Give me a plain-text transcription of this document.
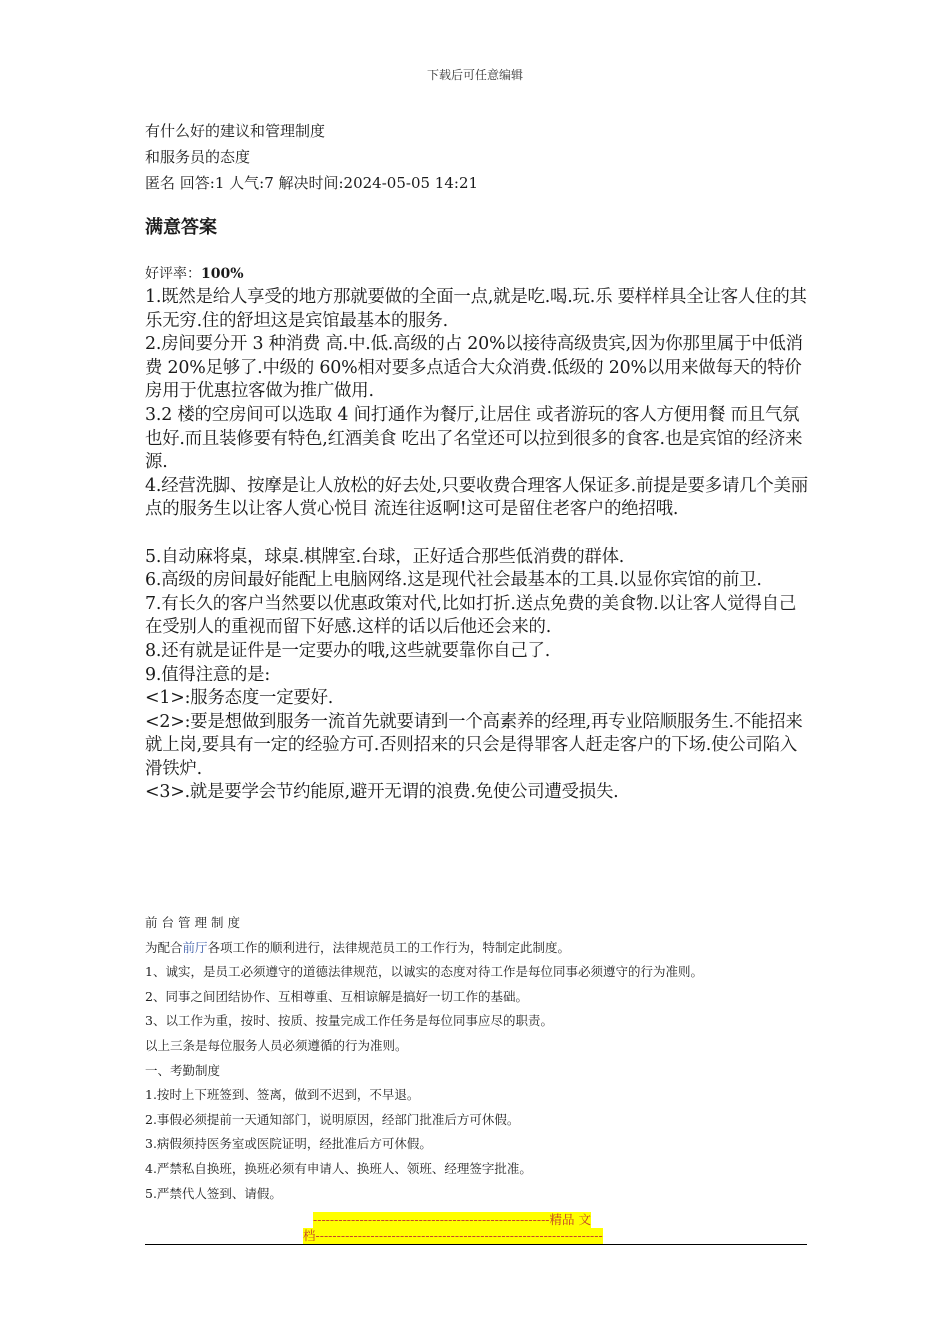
下载后可任意编辑
有什么好的建议和管理制度
和服务员的态度
匿名 回答:1 人气:7 解决时间:2024-05-05 14:21
满意答案
好评率：100%

1.既然是给人享受的地方那就要做的全面一点,就是吃.喝.玩.乐 要样样具全让客人住的其乐无穷.住的舒坦这是宾馆最基本的服务.

2.房间要分开 3 种消费 高.中.低.高级的占 20%以接待高级贵宾,因为你那里属于中低消费 20%足够了.中级的 60%相对要多点适合大众消费.低级的 20%以用来做每天的特价房用于优惠拉客做为推广做用.

3.2 楼的空房间可以选取 4 间打通作为餐厅,让居住 或者游玩的客人方便用餐 而且气氛也好.而且装修要有特色,红酒美食 吃出了名堂还可以拉到很多的食客.也是宾馆的经济来源.

4.经营洗脚、按摩是让人放松的好去处,只要收费合理客人保证多.前提是要多请几个美丽点的服务生以让客人赏心悦目 流连往返啊!这可是留住老客户的绝招哦.

5.自动麻将桌，球桌.棋牌室.台球，正好适合那些低消费的群体.

6.高级的房间最好能配上电脑网络.这是现代社会最基本的工具.以显你宾馆的前卫.

7.有长久的客户当然要以优惠政策对代,比如打折.送点免费的美食物.以让客人觉得自己在受别人的重视而留下好感.这样的话以后他还会来的.

8.还有就是证件是一定要办的哦,这些就要靠你自己了.

9.值得注意的是:

<1>:服务态度一定要好.

<2>:要是想做到服务一流首先就要请到一个高素养的经理,再专业陪顺服务生.不能招来就上岗,要具有一定的经验方可.否则招来的只会是得罪客人赶走客户的下场.使公司陷入滑铁炉.

<3>.就是要学会节约能原,避开无谓的浪费.免使公司遭受损失.

前台管理制度

为配合前厅各项工作的顺利进行，法律规范员工的工作行为，特制定此制度。

1、诚实，是员工必须遵守的道德法律规范，以诚实的态度对待工作是每位同事必须遵守的行为准则。

2、同事之间团结协作、互相尊重、互相谅解是搞好一切工作的基础。

3、以工作为重，按时、按质、按量完成工作任务是每位同事应尽的职责。

以上三条是每位服务人员必须遵循的行为准则。

一、考勤制度

1.按时上下班签到、签离，做到不迟到，不早退。

2.事假必须提前一天通知部门，说明原因，经部门批准后方可休假。

3.病假须持医务室或医院证明，经批准后方可休假。

4.严禁私自换班，换班必须有申请人、换班人、领班、经理签字批准。

5.严禁代人签到、请假。

--------------------------------------------------------精品 文
档--------------------------------------------------------------------
